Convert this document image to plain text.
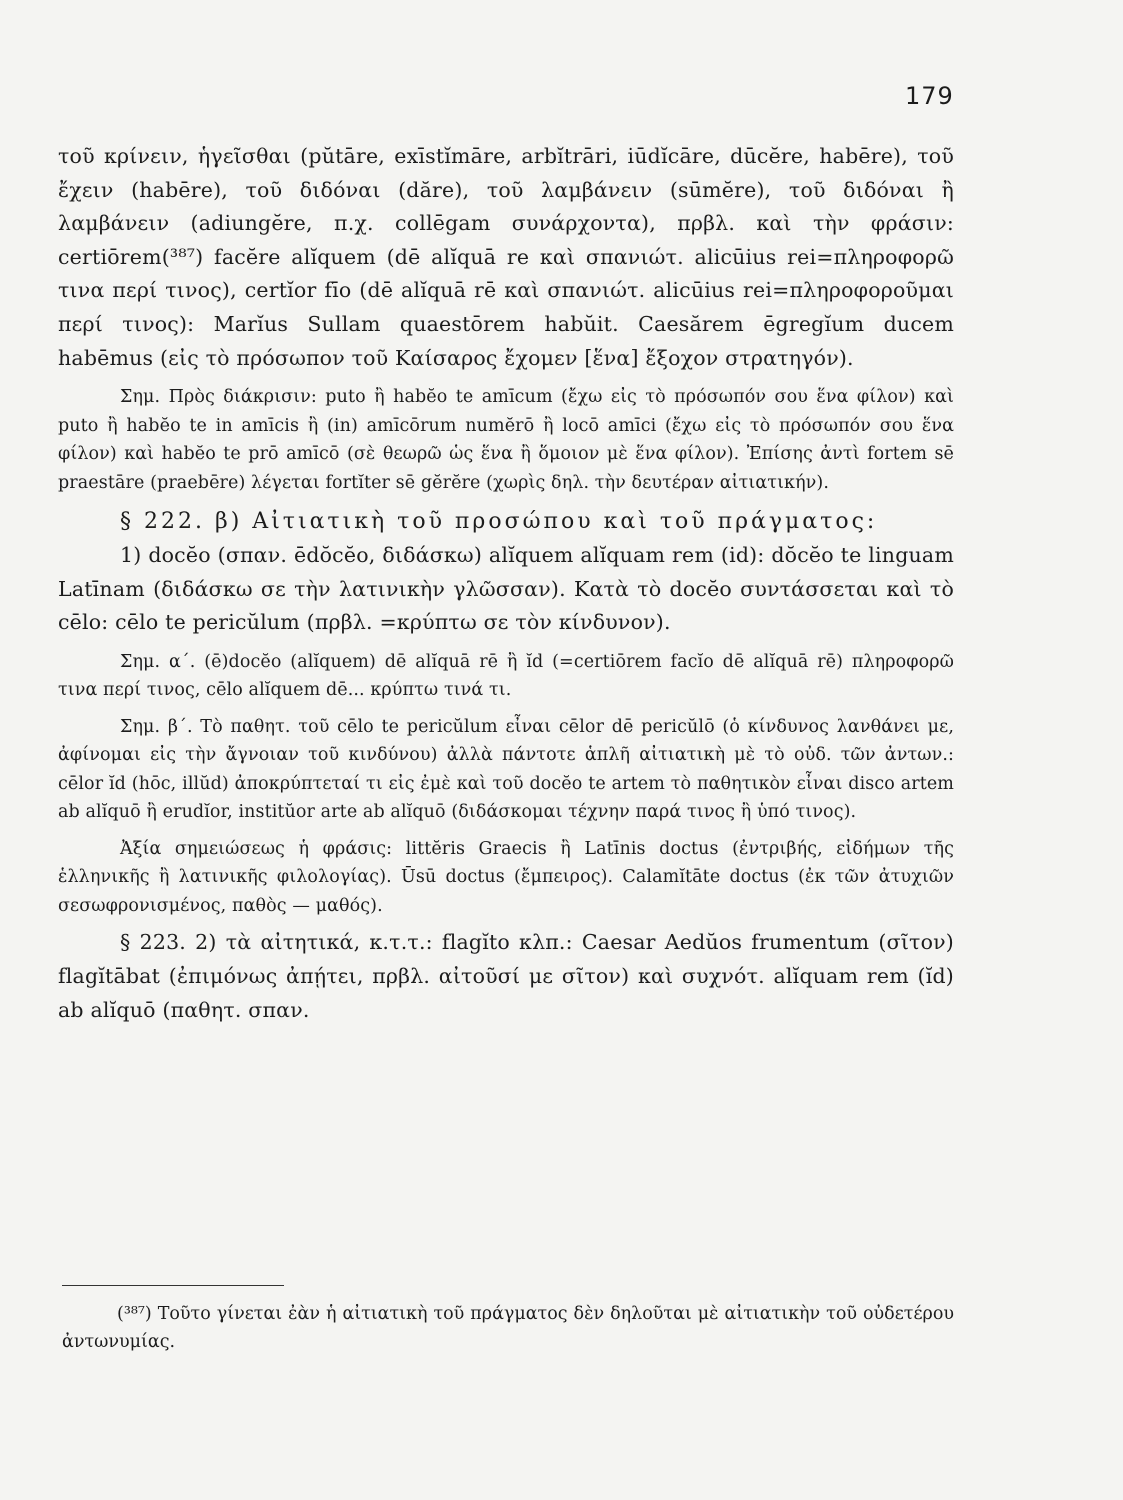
179

τοῦ κρίνειν, ἡγεῖσθαι (pŭtāre, exīstĭmāre, arbĭtrāri, iūdĭcāre, dūcĕre, habēre), τοῦ ἔχειν (habēre), τοῦ διδόναι (dăre), τοῦ λαμβάνειν (sūmĕre), τοῦ διδόναι ἢ λαμβάνειν (adiungĕre, π.χ. collēgam συνάρχοντα), πρβλ. καὶ τὴν φράσιν: certiōrem(³⁸⁷) facĕre alĭquem (dē alĭquā re καὶ σπανιώτ. alicūius rei=πληροφορῶ τινα περί τινος), certĭor fīo (dē alĭquā rē καὶ σπανιώτ. alicūius rei=πληροφοροῦμαι περί τινος): Marĭus Sullam quaestōrem habŭit. Caesărem ēgregĭum ducem habēmus (εἰς τὸ πρόσωπον τοῦ Καίσαρος ἔχομεν [ἕνα] ἔξοχον στρατηγόν).

Σημ. Πρὸς διάκρισιν: puto ἢ habĕo te amīcum (ἔχω εἰς τὸ πρόσωπόν σου ἕνα φίλον) καὶ puto ἢ habĕo te in amīcis ἢ (in) amīcōrum numĕrō ἢ locō amīci (ἔχω εἰς τὸ πρόσωπόν σου ἕνα φίλον) καὶ habĕo te prō amīcō (σὲ θεωρῶ ὡς ἕνα ἢ ὅμοιον μὲ ἕνα φίλον). Ἐπίσης ἀντὶ fortem sē praestāre (praebēre) λέγεται fortĭter sē gĕrĕre (χωρὶς δηλ. τὴν δευτέραν αἰτιατικήν).

§ 222. β) Αἰτιατικὴ τοῦ προσώπου καὶ τοῦ πράγματος:

1) docĕo (σπαν. ēdŏcĕo, διδάσκω) alĭquem alĭquam rem (id): dŏcĕo te linguam Latīnam (διδάσκω σε τὴν λατινικὴν γλῶσσαν). Κατὰ τὸ docĕo συντάσσεται καὶ τὸ cēlo: cēlo te pericŭlum (πρβλ. =κρύπτω σε τὸν κίνδυνον).

Σημ. α΄. (ē)docĕo (alĭquem) dē alĭquā rē ἢ ĭd (=certiōrem facĭo dē alĭquā rē) πληροφορῶ τινα περί τινος, cēlo alĭquem dē... κρύπτω τινά τι.

Σημ. β΄. Τὸ παθητ. τοῦ cēlo te pericŭlum εἶναι cēlor dē pericŭlō (ὁ κίνδυνος λανθάνει με, ἀφίνομαι εἰς τὴν ἄγνοιαν τοῦ κινδύνου) ἀλλὰ πάντοτε ἁπλῆ αἰτιατικὴ μὲ τὸ οὐδ. τῶν ἀντων.: cēlor ĭd (hōc, illŭd) ἀποκρύπτεταί τι εἰς ἐμὲ καὶ τοῦ docĕo te artem τὸ παθητικὸν εἶναι disco artem ab alĭquō ἢ erudĭor, institŭor arte ab alĭquō (διδάσκομαι τέχνην παρά τινος ἢ ὑπό τινος).

Ἀξία σημειώσεως ἡ φράσις: littĕris Graecis ἢ Latīnis doctus (ἐντριβής, εἰδήμων τῆς ἑλληνικῆς ἢ λατινικῆς φιλολογίας). Ūsū doctus (ἔμπειρος). Calamĭtāte doctus (ἐκ τῶν ἀτυχιῶν σεσωφρονισμένος, παθὸς — μαθός).

§ 223. 2) τὰ αἰτητικά, κ.τ.τ.: flagĭto κλπ.: Caesar Aedŭos frumentum (σῖτον) flagĭtābat (ἐπιμόνως ἀπῄτει, πρβλ. αἰτοῦσί με σῖτον) καὶ συχνότ. alĭquam rem (ĭd) ab alĭquō (παθητ. σπαν.

(³⁸⁷) Τοῦτο γίνεται ἐὰν ἡ αἰτιατικὴ τοῦ πράγματος δὲν δηλοῦται μὲ αἰτιατικὴν τοῦ οὐδετέρου ἀντωνυμίας.
